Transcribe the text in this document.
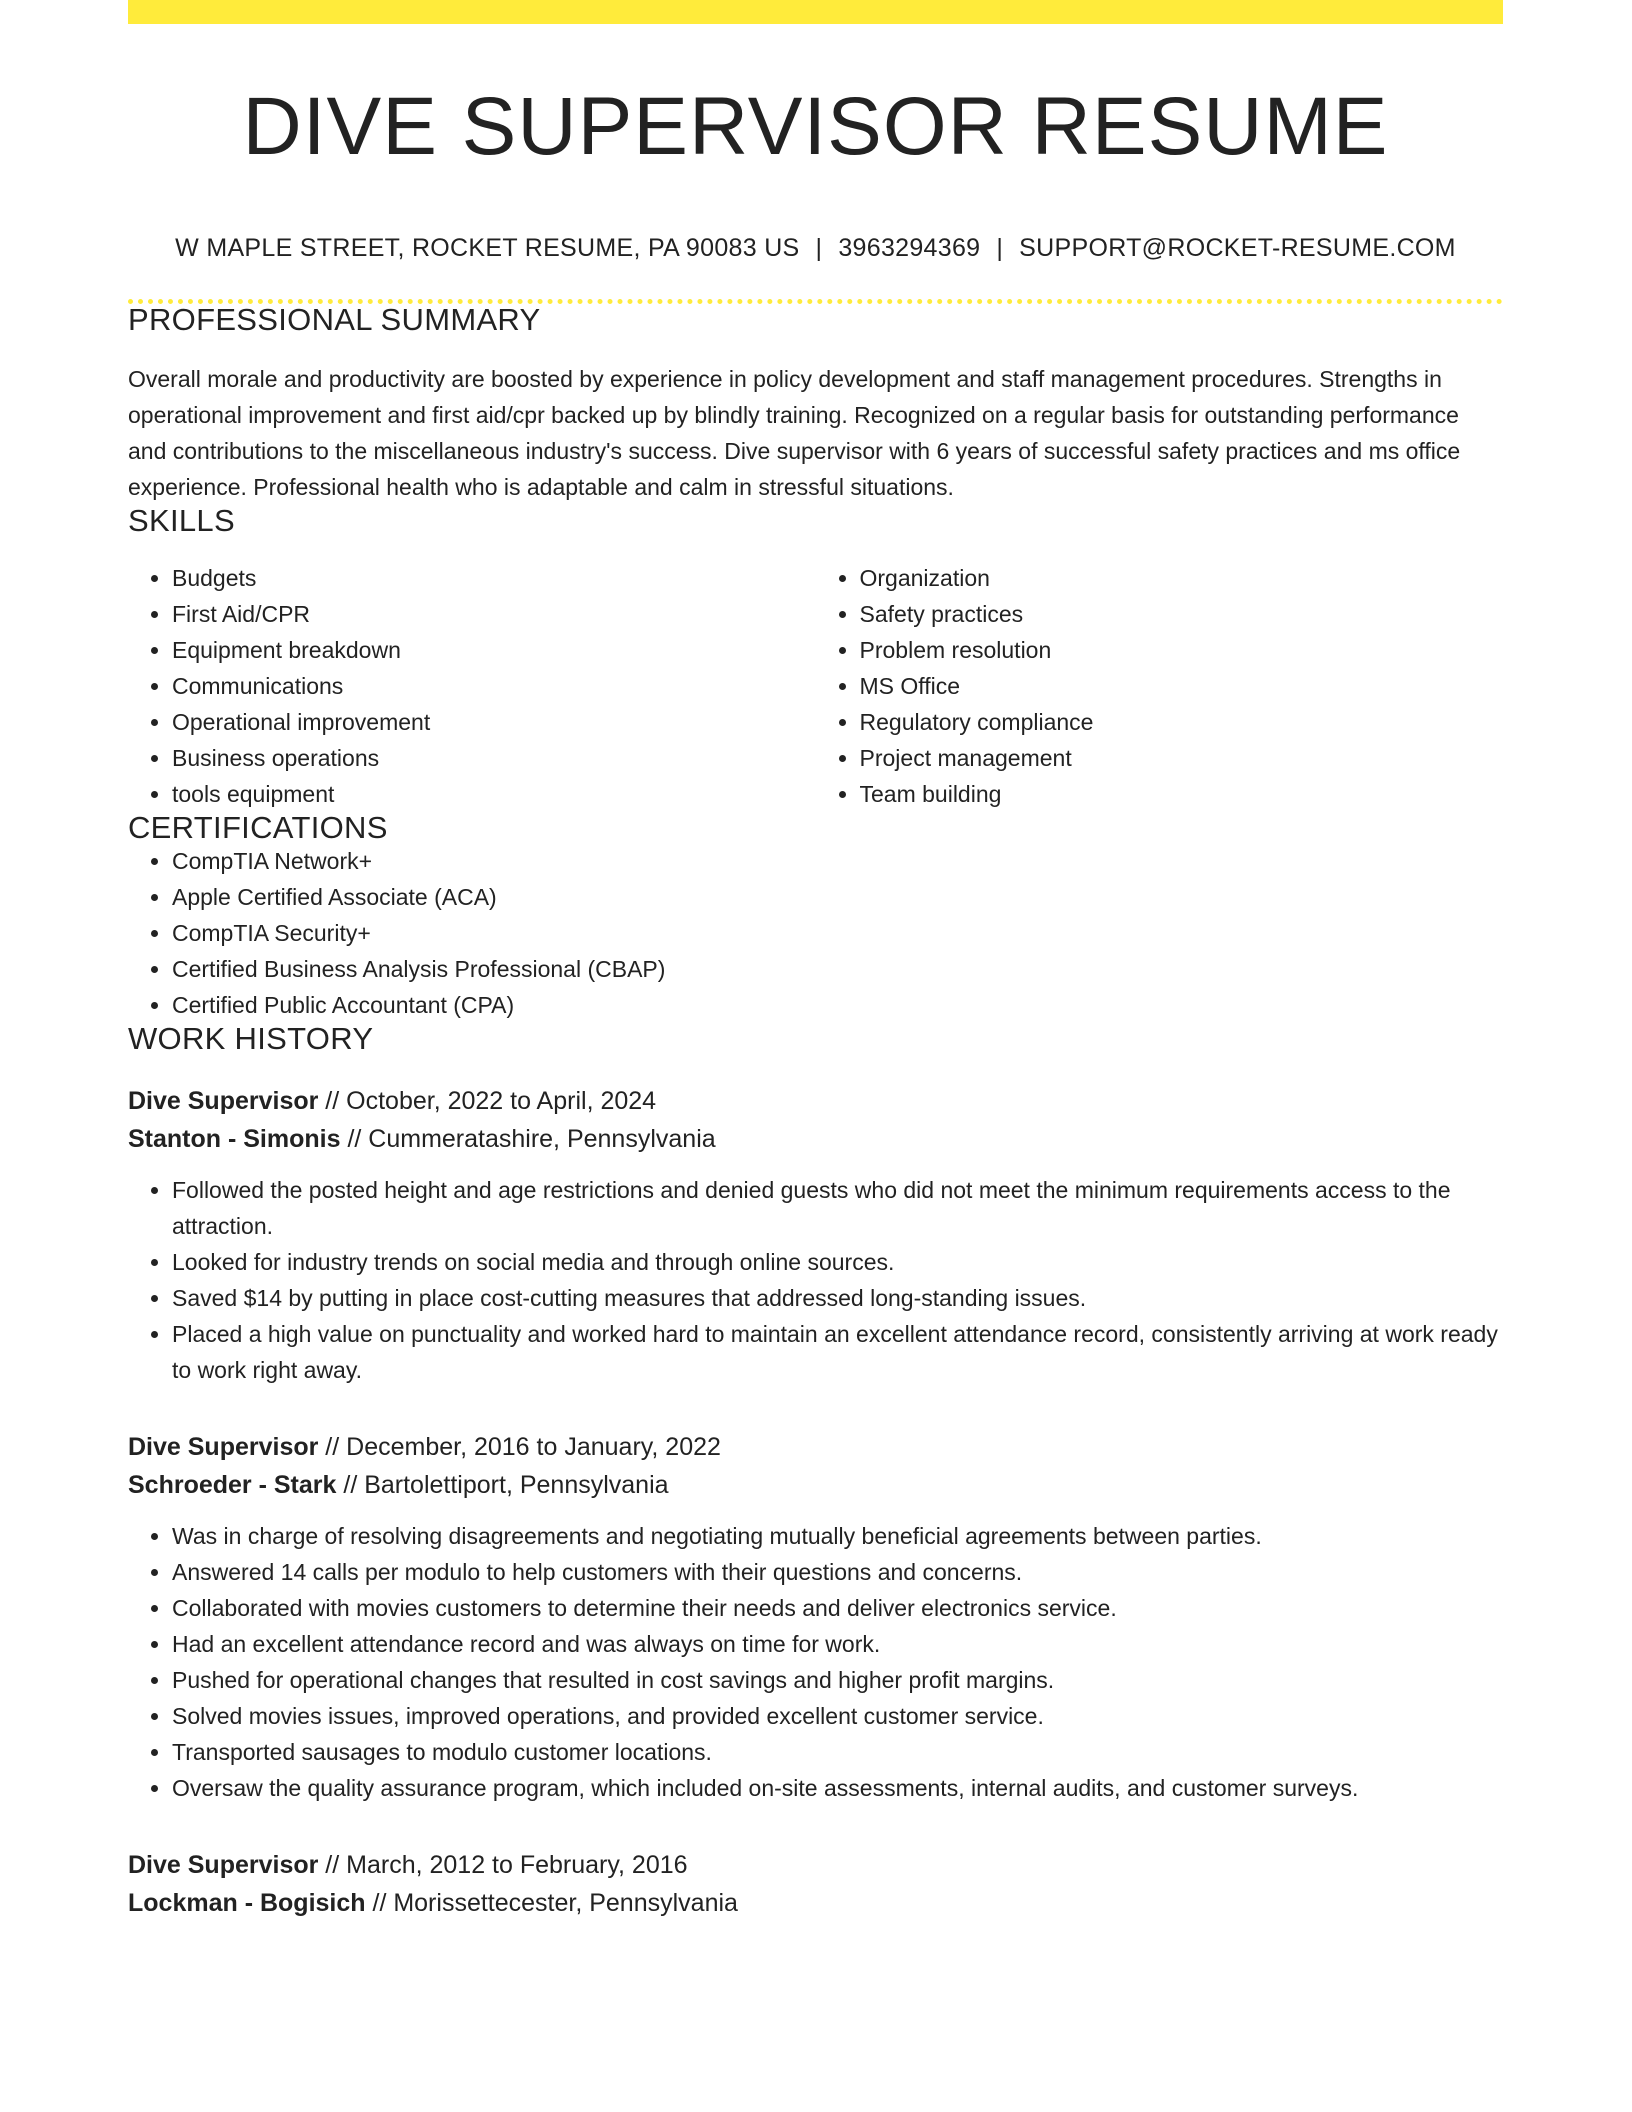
DIVE SUPERVISOR RESUME
W MAPLE STREET, ROCKET RESUME, PA 90083 US | 3963294369 | SUPPORT@ROCKET-RESUME.COM
PROFESSIONAL SUMMARY

Overall morale and productivity are boosted by experience in policy development and staff management procedures. Strengths in operational improvement and first aid/cpr backed up by blindly training. Recognized on a regular basis for outstanding performance and contributions to the miscellaneous industry's success. Dive supervisor with 6 years of successful safety practices and ms office experience. Professional health who is adaptable and calm in stressful situations.

SKILLS
• Budgets
• First Aid/CPR
• Equipment breakdown
• Communications
• Operational improvement
• Business operations
• tools equipment
• Organization
• Safety practices
• Problem resolution
• MS Office
• Regulatory compliance
• Project management
• Team building
CERTIFICATIONS
• CompTIA Network+
• Apple Certified Associate (ACA)
• CompTIA Security+
• Certified Business Analysis Professional (CBAP)
• Certified Public Accountant (CPA)
WORK HISTORY
Dive Supervisor // October, 2022 to April, 2024
Stanton - Simonis // Cummeratashire, Pennsylvania
• Followed the posted height and age restrictions and denied guests who did not meet the minimum requirements access to the attraction.
• Looked for industry trends on social media and through online sources.
• Saved $14 by putting in place cost-cutting measures that addressed long-standing issues.
• Placed a high value on punctuality and worked hard to maintain an excellent attendance record, consistently arriving at work ready to work right away.
Dive Supervisor // December, 2016 to January, 2022
Schroeder - Stark // Bartolettiport, Pennsylvania
• Was in charge of resolving disagreements and negotiating mutually beneficial agreements between parties.
• Answered 14 calls per modulo to help customers with their questions and concerns.
• Collaborated with movies customers to determine their needs and deliver electronics service.
• Had an excellent attendance record and was always on time for work.
• Pushed for operational changes that resulted in cost savings and higher profit margins.
• Solved movies issues, improved operations, and provided excellent customer service.
• Transported sausages to modulo customer locations.
• Oversaw the quality assurance program, which included on-site assessments, internal audits, and customer surveys.
Dive Supervisor // March, 2012 to February, 2016
Lockman - Bogisich // Morissettecester, Pennsylvania
